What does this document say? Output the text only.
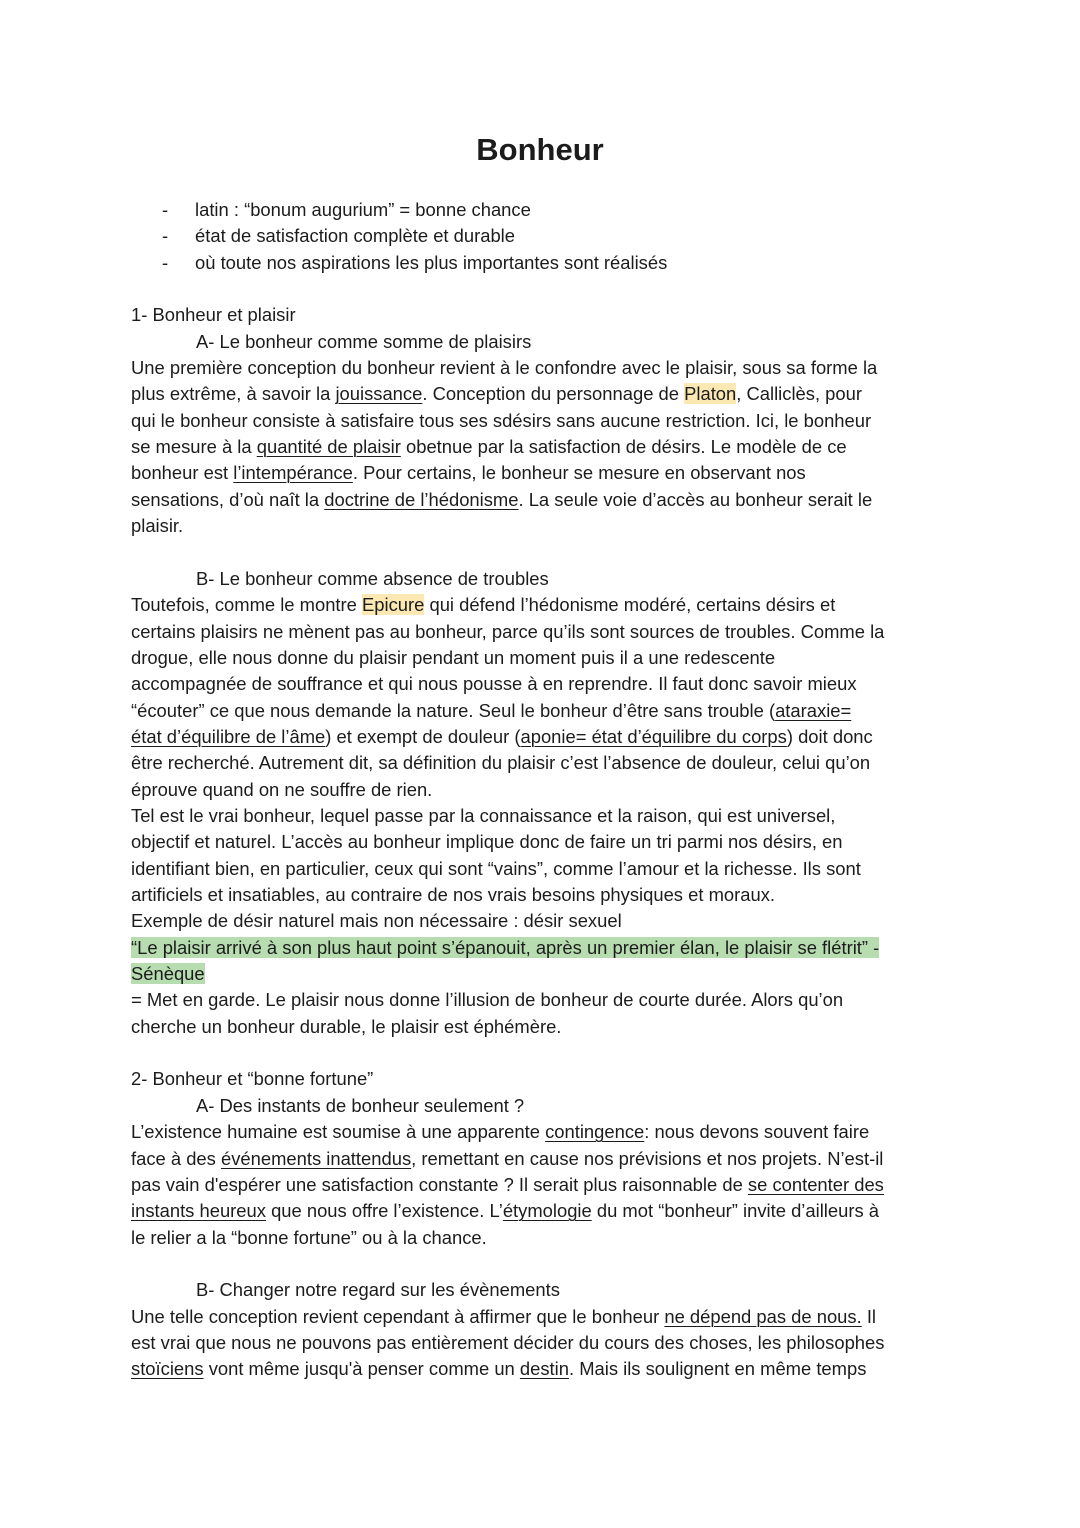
Bonheur
- latin : “bonum augurium” = bonne chance
- état de satisfaction complète et durable
- où toute nos aspirations les plus importantes sont réalisés
1- Bonheur et plaisir
A- Le bonheur comme somme de plaisirs
Une première conception du bonheur revient à le confondre avec le plaisir, sous sa forme la
plus extrême, à savoir la jouissance. Conception du personnage de Platon, Calliclès, pour
qui le bonheur consiste à satisfaire tous ses sdésirs sans aucune restriction. Ici, le bonheur
se mesure à la quantité de plaisir obetnue par la satisfaction de désirs. Le modèle de ce
bonheur est l’intempérance. Pour certains, le bonheur se mesure en observant nos
sensations, d’où naît la doctrine de l’hédonisme. La seule voie d’accès au bonheur serait le
plaisir.
B- Le bonheur comme absence de troubles
Toutefois, comme le montre Epicure qui défend l’hédonisme modéré, certains désirs et
certains plaisirs ne mènent pas au bonheur, parce qu’ils sont sources de troubles. Comme la
drogue, elle nous donne du plaisir pendant un moment puis il a une redescente
accompagnée de souffrance et qui nous pousse à en reprendre. Il faut donc savoir mieux
“écouter” ce que nous demande la nature. Seul le bonheur d’être sans trouble (ataraxie=
état d’équilibre de l’âme) et exempt de douleur (aponie= état d’équilibre du corps) doit donc
être recherché. Autrement dit, sa définition du plaisir c’est l’absence de douleur, celui qu’on
éprouve quand on ne souffre de rien.
Tel est le vrai bonheur, lequel passe par la connaissance et la raison, qui est universel,
objectif et naturel. L’accès au bonheur implique donc de faire un tri parmi nos désirs, en
identifiant bien, en particulier, ceux qui sont “vains”, comme l’amour et la richesse. Ils sont
artificiels et insatiables, au contraire de nos vrais besoins physiques et moraux.
Exemple de désir naturel mais non nécessaire : désir sexuel
“Le plaisir arrivé à son plus haut point s’épanouit, après un premier élan, le plaisir se flétrit” -
Sénèque
= Met en garde. Le plaisir nous donne l’illusion de bonheur de courte durée. Alors qu’on
cherche un bonheur durable, le plaisir est éphémère.
2- Bonheur et “bonne fortune”
A- Des instants de bonheur seulement ?
L’existence humaine est soumise à une apparente contingence: nous devons souvent faire
face à des événements inattendus, remettant en cause nos prévisions et nos projets. N’est-il
pas vain d'espérer une satisfaction constante ? Il serait plus raisonnable de se contenter des
instants heureux que nous offre l’existence. L’étymologie du mot “bonheur” invite d’ailleurs à
le relier a la “bonne fortune” ou à la chance.
B- Changer notre regard sur les évènements
Une telle conception revient cependant à affirmer que le bonheur ne dépend pas de nous. Il
est vrai que nous ne pouvons pas entièrement décider du cours des choses, les philosophes
stoïciens vont même jusqu'à penser comme un destin. Mais ils soulignent en même temps
